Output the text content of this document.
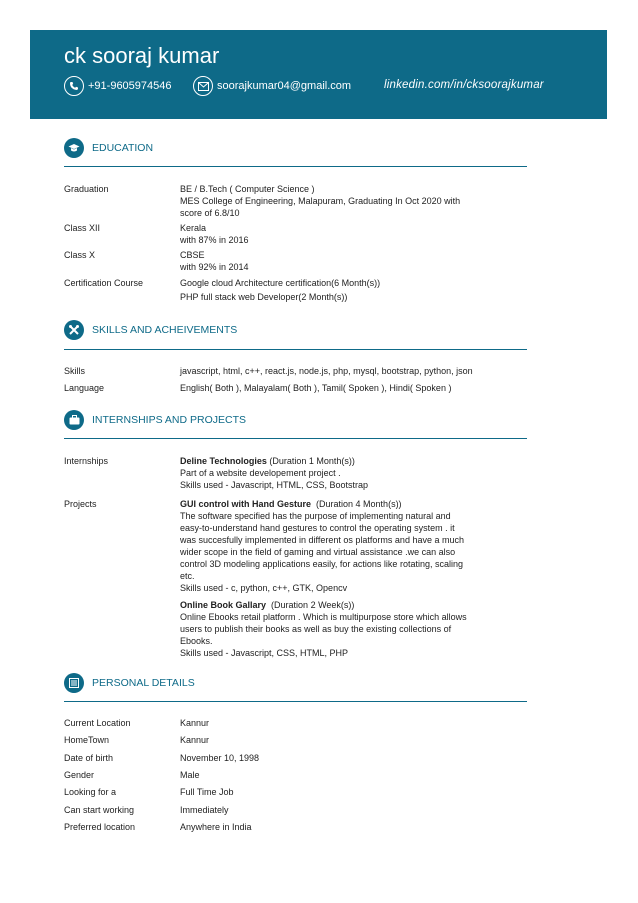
ck sooraj kumar
+91-9605974546	soorajkumar04@gmail.com	linkedin.com/in/cksoorajkumar
EDUCATION
Graduation	BE / B.Tech ( Computer Science )
MES College of Engineering, Malapuram, Graduating In Oct 2020 with
score of 6.8/10
Class XII	Kerala
with 87% in 2016
Class X	CBSE
with 92% in 2014
Certification Course	Google cloud Architecture certification(6 Month(s))
PHP full stack web Developer(2 Month(s))
SKILLS AND ACHEIVEMENTS
Skills	javascript, html, c++, react.js, node.js, php, mysql, bootstrap, python, json
Language	English( Both ), Malayalam( Both ), Tamil( Spoken ), Hindi( Spoken )
INTERNSHIPS AND PROJECTS
Internships	Deline Technologies (Duration 1 Month(s))
Part of a website developement project .
Skills used - Javascript, HTML, CSS, Bootstrap
Projects	GUI control with Hand Gesture (Duration 4 Month(s))
The software specified has the purpose of implementing natural and
easy-to-understand hand gestures to control the operating system . it
was succesfully implemented in different os platforms and have a much
wider scope in the field of gaming and virtual assistance .we can also
control 3D modeling applications easily, for actions like rotating, scaling
etc.
Skills used - c, python, c++, GTK, Opencv
Online Book Gallary (Duration 2 Week(s))
Online Ebooks retail platform . Which is multipurpose store which allows
users to publish their books as well as buy the existing collections of
Ebooks.
Skills used - Javascript, CSS, HTML, PHP
PERSONAL DETAILS
Current Location	Kannur
HomeTown	Kannur
Date of birth	November 10, 1998
Gender	Male
Looking for a	Full Time Job
Can start working	Immediately
Preferred location	Anywhere in India
